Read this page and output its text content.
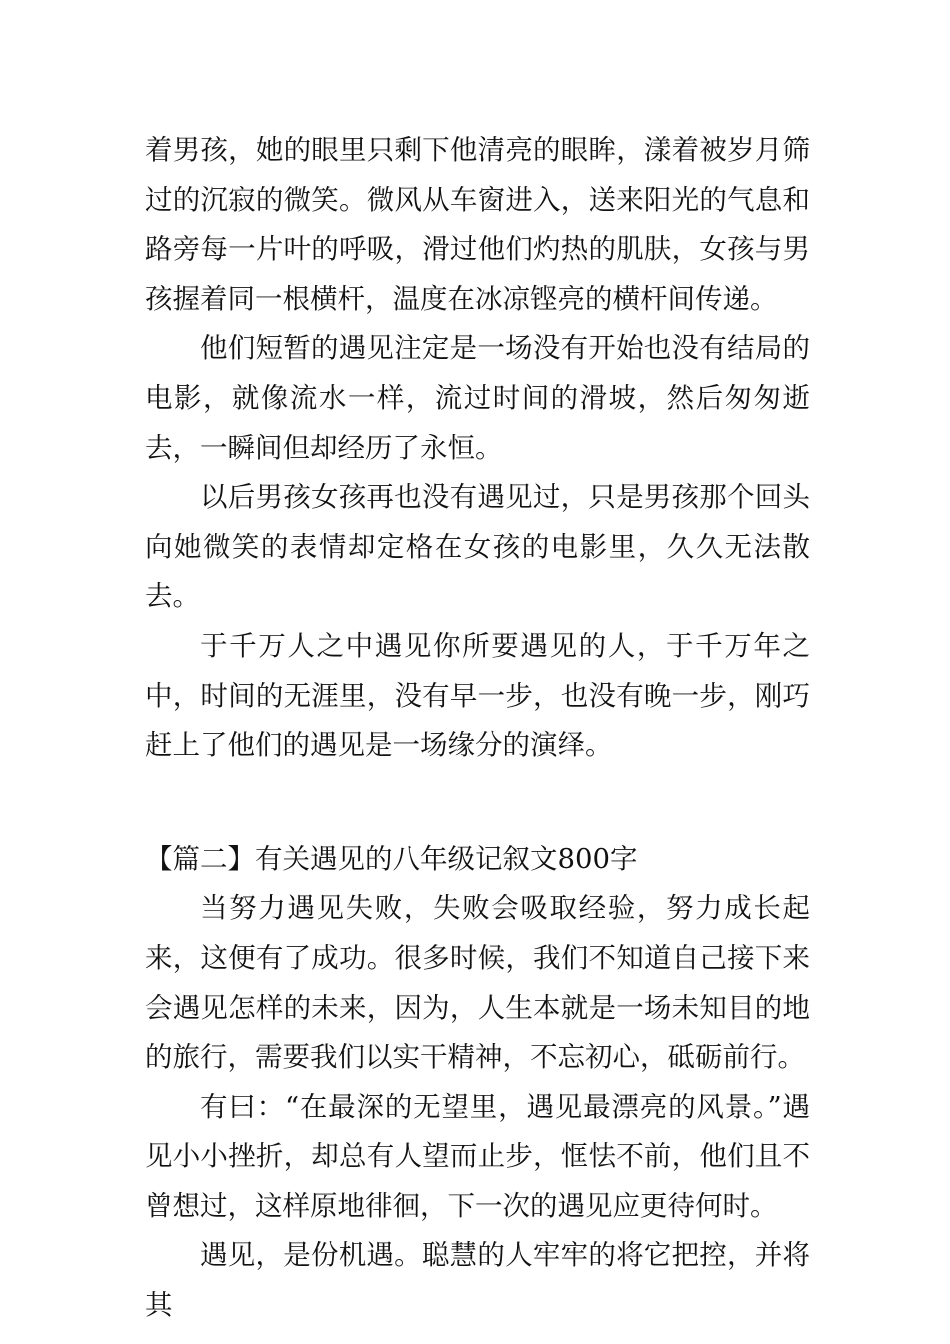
着男孩，她的眼里只剩下他清亮的眼眸，漾着被岁月筛过的沉寂的微笑。微风从车窗进入，送来阳光的气息和路旁每一片叶的呼吸，滑过他们灼热的肌肤，女孩与男孩握着同一根横杆，温度在冰凉铿亮的横杆间传递。

他们短暂的遇见注定是一场没有开始也没有结局的电影，就像流水一样，流过时间的滑坡，然后匆匆逝去，一瞬间但却经历了永恒。

以后男孩女孩再也没有遇见过，只是男孩那个回头向她微笑的表情却定格在女孩的电影里，久久无法散去。

于千万人之中遇见你所要遇见的人，于千万年之中，时间的无涯里，没有早一步，也没有晚一步，刚巧赶上了他们的遇见是一场缘分的演绎。

【篇二】有关遇见的八年级记叙文800字

当努力遇见失败，失败会吸取经验，努力成长起来，这便有了成功。很多时候，我们不知道自己接下来会遇见怎样的未来，因为，人生本就是一场未知目的地的旅行，需要我们以实干精神，不忘初心，砥砺前行。

有曰：“在最深的无望里，遇见最漂亮的风景。”遇见小小挫折，却总有人望而止步，恇怯不前，他们且不曾想过，这样原地徘徊，下一次的遇见应更待何时。

遇见，是份机遇。聪慧的人牢牢的将它把控，并将其
